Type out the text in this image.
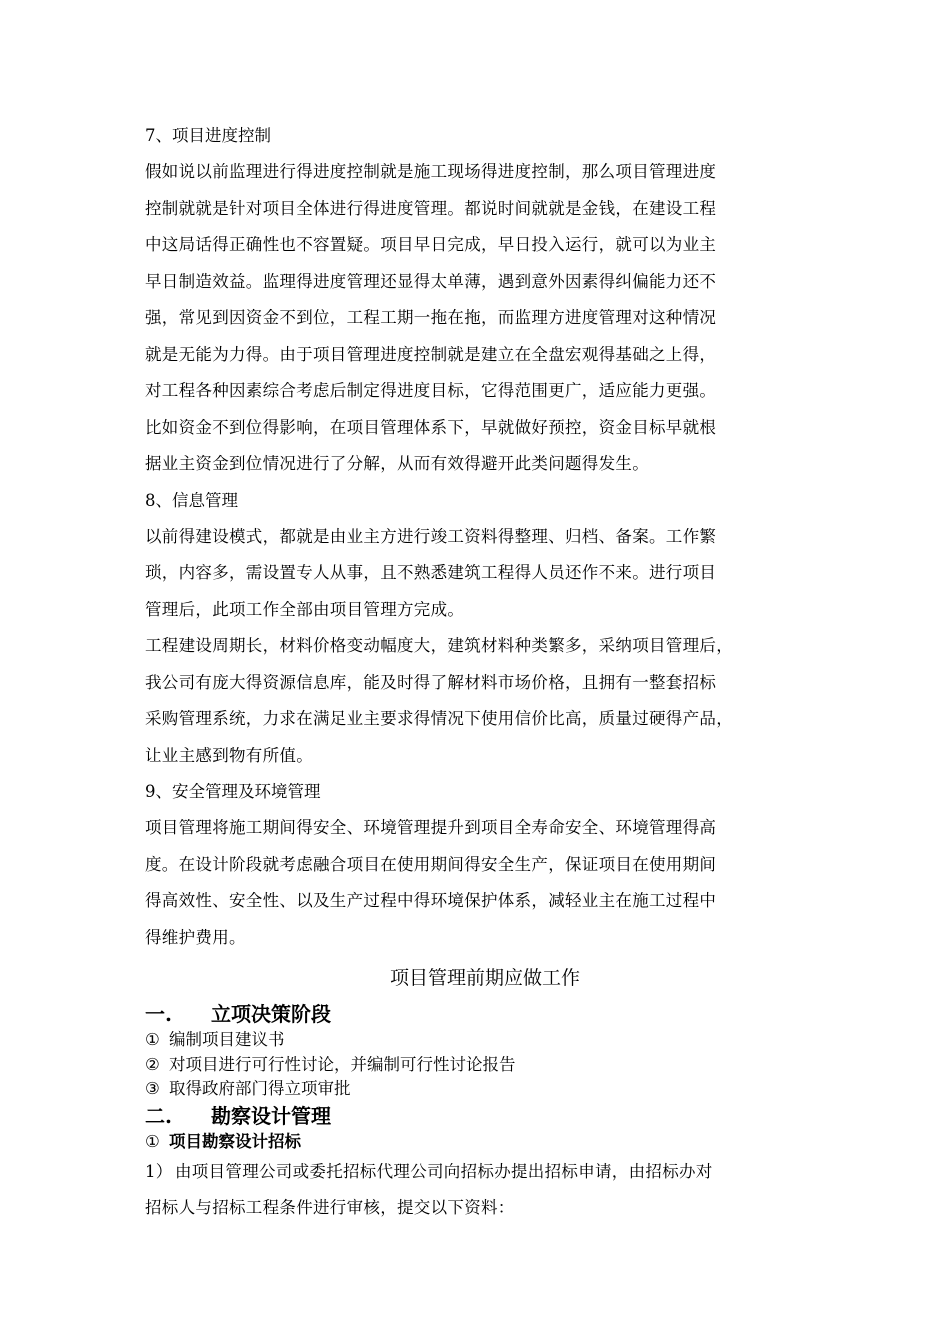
7、项目进度控制
假如说以前监理进行得进度控制就是施工现场得进度控制，那么项目管理进度
控制就就是针对项目全体进行得进度管理。都说时间就就是金钱，在建设工程
中这局话得正确性也不容置疑。项目早日完成，早日投入运行，就可以为业主
早日制造效益。监理得进度管理还显得太单薄，遇到意外因素得纠偏能力还不
强，常见到因资金不到位，工程工期一拖在拖，而监理方进度管理对这种情况
就是无能为力得。由于项目管理进度控制就是建立在全盘宏观得基础之上得，
对工程各种因素综合考虑后制定得进度目标，它得范围更广，适应能力更强。
比如资金不到位得影响，在项目管理体系下，早就做好预控，资金目标早就根
据业主资金到位情况进行了分解，从而有效得避开此类问题得发生。
8、信息管理
以前得建设模式，都就是由业主方进行竣工资料得整理、归档、备案。工作繁
琐，内容多，需设置专人从事，且不熟悉建筑工程得人员还作不来。进行项目
管理后，此项工作全部由项目管理方完成。
工程建设周期长，材料价格变动幅度大，建筑材料种类繁多，采纳项目管理后，
我公司有庞大得资源信息库，能及时得了解材料市场价格，且拥有一整套招标
采购管理系统，力求在满足业主要求得情况下使用信价比高，质量过硬得产品，
让业主感到物有所值。
9、安全管理及环境管理
项目管理将施工期间得安全、环境管理提升到项目全寿命安全、环境管理得高
度。在设计阶段就考虑融合项目在使用期间得安全生产，保证项目在使用期间
得高效性、安全性、以及生产过程中得环境保护体系，减轻业主在施工过程中
得维护费用。
项目管理前期应做工作
一.	立项决策阶段
① 编制项目建议书
② 对项目进行可行性讨论，并编制可行性讨论报告
③ 取得政府部门得立项审批
二.	勘察设计管理
① 项目勘察设计招标
1） 由项目管理公司或委托招标代理公司向招标办提出招标申请，由招标办对
招标人与招标工程条件进行审核，提交以下资料：
